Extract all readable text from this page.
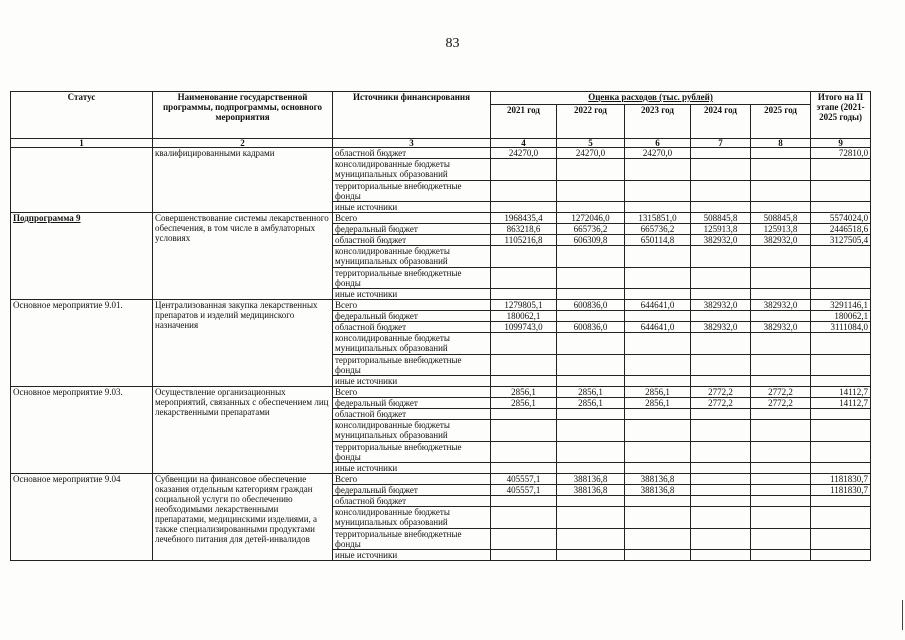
83
Статус	Наименование государственной программы, подпрограммы, основного мероприятия	Источники финансирования	Оценка расходов (тыс. рублей)					Итого на II этапе (2021-2025 годы)
			2021 год	2022 год	2023 год	2024 год	2025 год	
1	2	3	4	5	6	7	8	9
	квалифицированными кадрами	областной бюджет	24270,0	24270,0	24270,0			72810,0
		консолидированные бюджеты муниципальных образований						
		территориальные внебюджетные фонды						
		иные источники						
Подпрограмма 9	Совершенствование системы лекарственного обеспечения, в том числе в амбулаторных условиях	Всего	1968435,4	1272046,0	1315851,0	508845,8	508845,8	5574024,0
		федеральный бюджет	863218,6	665736,2	665736,2	125913,8	125913,8	2446518,6
		областной бюджет	1105216,8	606309,8	650114,8	382932,0	382932,0	3127505,4
		консолидированные бюджеты муниципальных образований						
		территориальные внебюджетные фонды						
		иные источники						
Основное мероприятие 9.01.	Централизованная закупка лекарственных препаратов и изделий медицинского назначения	Всего	1279805,1	600836,0	644641,0	382932,0	382932,0	3291146,1
		федеральный бюджет	180062,1					180062,1
		областной бюджет	1099743,0	600836,0	644641,0	382932,0	382932,0	3111084,0
		консолидированные бюджеты муниципальных образований						
		территориальные внебюджетные фонды						
		иные источники						
Основное мероприятие 9.03.	Осуществление организационных мероприятий, связанных с обеспечением лиц лекарственными препаратами	Всего	2856,1	2856,1	2856,1	2772,2	2772,2	14112,7
		федеральный бюджет	2856,1	2856,1	2856,1	2772,2	2772,2	14112,7
		областной бюджет						
		консолидированные бюджеты муниципальных образований						
		территориальные внебюджетные фонды						
		иные источники						
Основное мероприятие 9.04	Субвенции на финансовое обеспечение оказания отдельным категориям граждан социальной услуги по обеспечению необходимыми лекарственными препаратами, медицинскими изделиями, а также специализированными продуктами лечебного питания для детей-инвалидов	Всего	405557,1	388136,8	388136,8			1181830,7
		федеральный бюджет	405557,1	388136,8	388136,8			1181830,7
		областной бюджет						
		консолидированные бюджеты муниципальных образований						
		территориальные внебюджетные фонды						
		иные источники						
